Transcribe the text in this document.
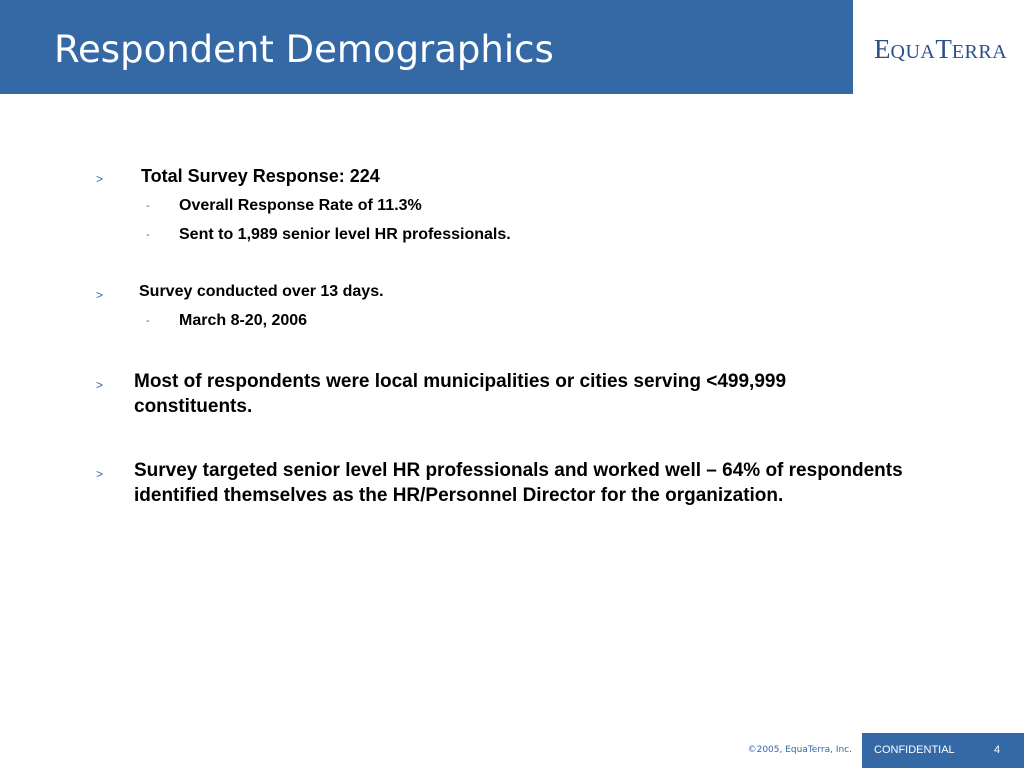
Respondent Demographics	EQUATERRA
> Total Survey Response: 224

- Overall Response Rate of 11.3%

- Sent to 1,989 senior level HR professionals.

> Survey conducted over 13 days.

- March 8-20, 2006

> Most of respondents were local municipalities or cities serving <499,999 constituents.

> Survey targeted senior level HR professionals and worked well – 64% of respondents identified themselves as the HR/Personnel Director for the organization.

©2005, EquaTerra, Inc. CONFIDENTIAL	4
